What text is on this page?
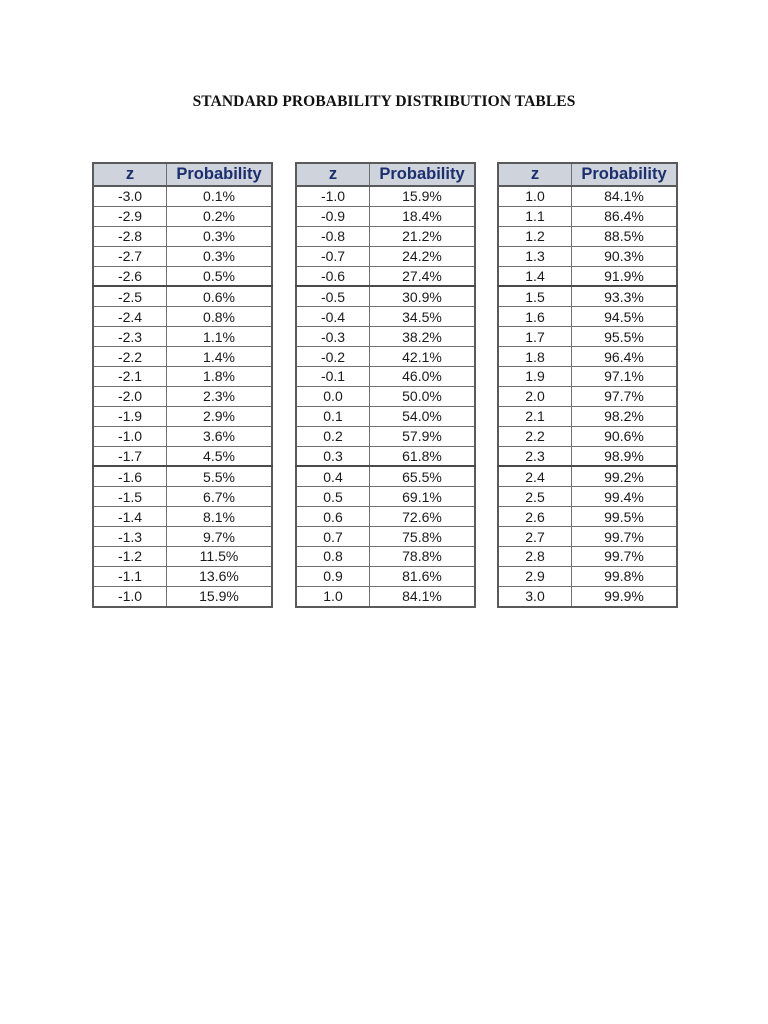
STANDARD PROBABILITY DISTRIBUTION TABLES
z	Probability
-3.0	0.1%
-2.9	0.2%
-2.8	0.3%
-2.7	0.3%
-2.6	0.5%
-2.5	0.6%
-2.4	0.8%
-2.3	1.1%
-2.2	1.4%
-2.1	1.8%
-2.0	2.3%
-1.9	2.9%
-1.0	3.6%
-1.7	4.5%
-1.6	5.5%
-1.5	6.7%
-1.4	8.1%
-1.3	9.7%
-1.2	11.5%
-1.1	13.6%
-1.0	15.9%
z	Probability
-1.0	15.9%
-0.9	18.4%
-0.8	21.2%
-0.7	24.2%
-0.6	27.4%
-0.5	30.9%
-0.4	34.5%
-0.3	38.2%
-0.2	42.1%
-0.1	46.0%
0.0	50.0%
0.1	54.0%
0.2	57.9%
0.3	61.8%
0.4	65.5%
0.5	69.1%
0.6	72.6%
0.7	75.8%
0.8	78.8%
0.9	81.6%
1.0	84.1%
z	Probability
1.0	84.1%
1.1	86.4%
1.2	88.5%
1.3	90.3%
1.4	91.9%
1.5	93.3%
1.6	94.5%
1.7	95.5%
1.8	96.4%
1.9	97.1%
2.0	97.7%
2.1	98.2%
2.2	90.6%
2.3	98.9%
2.4	99.2%
2.5	99.4%
2.6	99.5%
2.7	99.7%
2.8	99.7%
2.9	99.8%
3.0	99.9%
